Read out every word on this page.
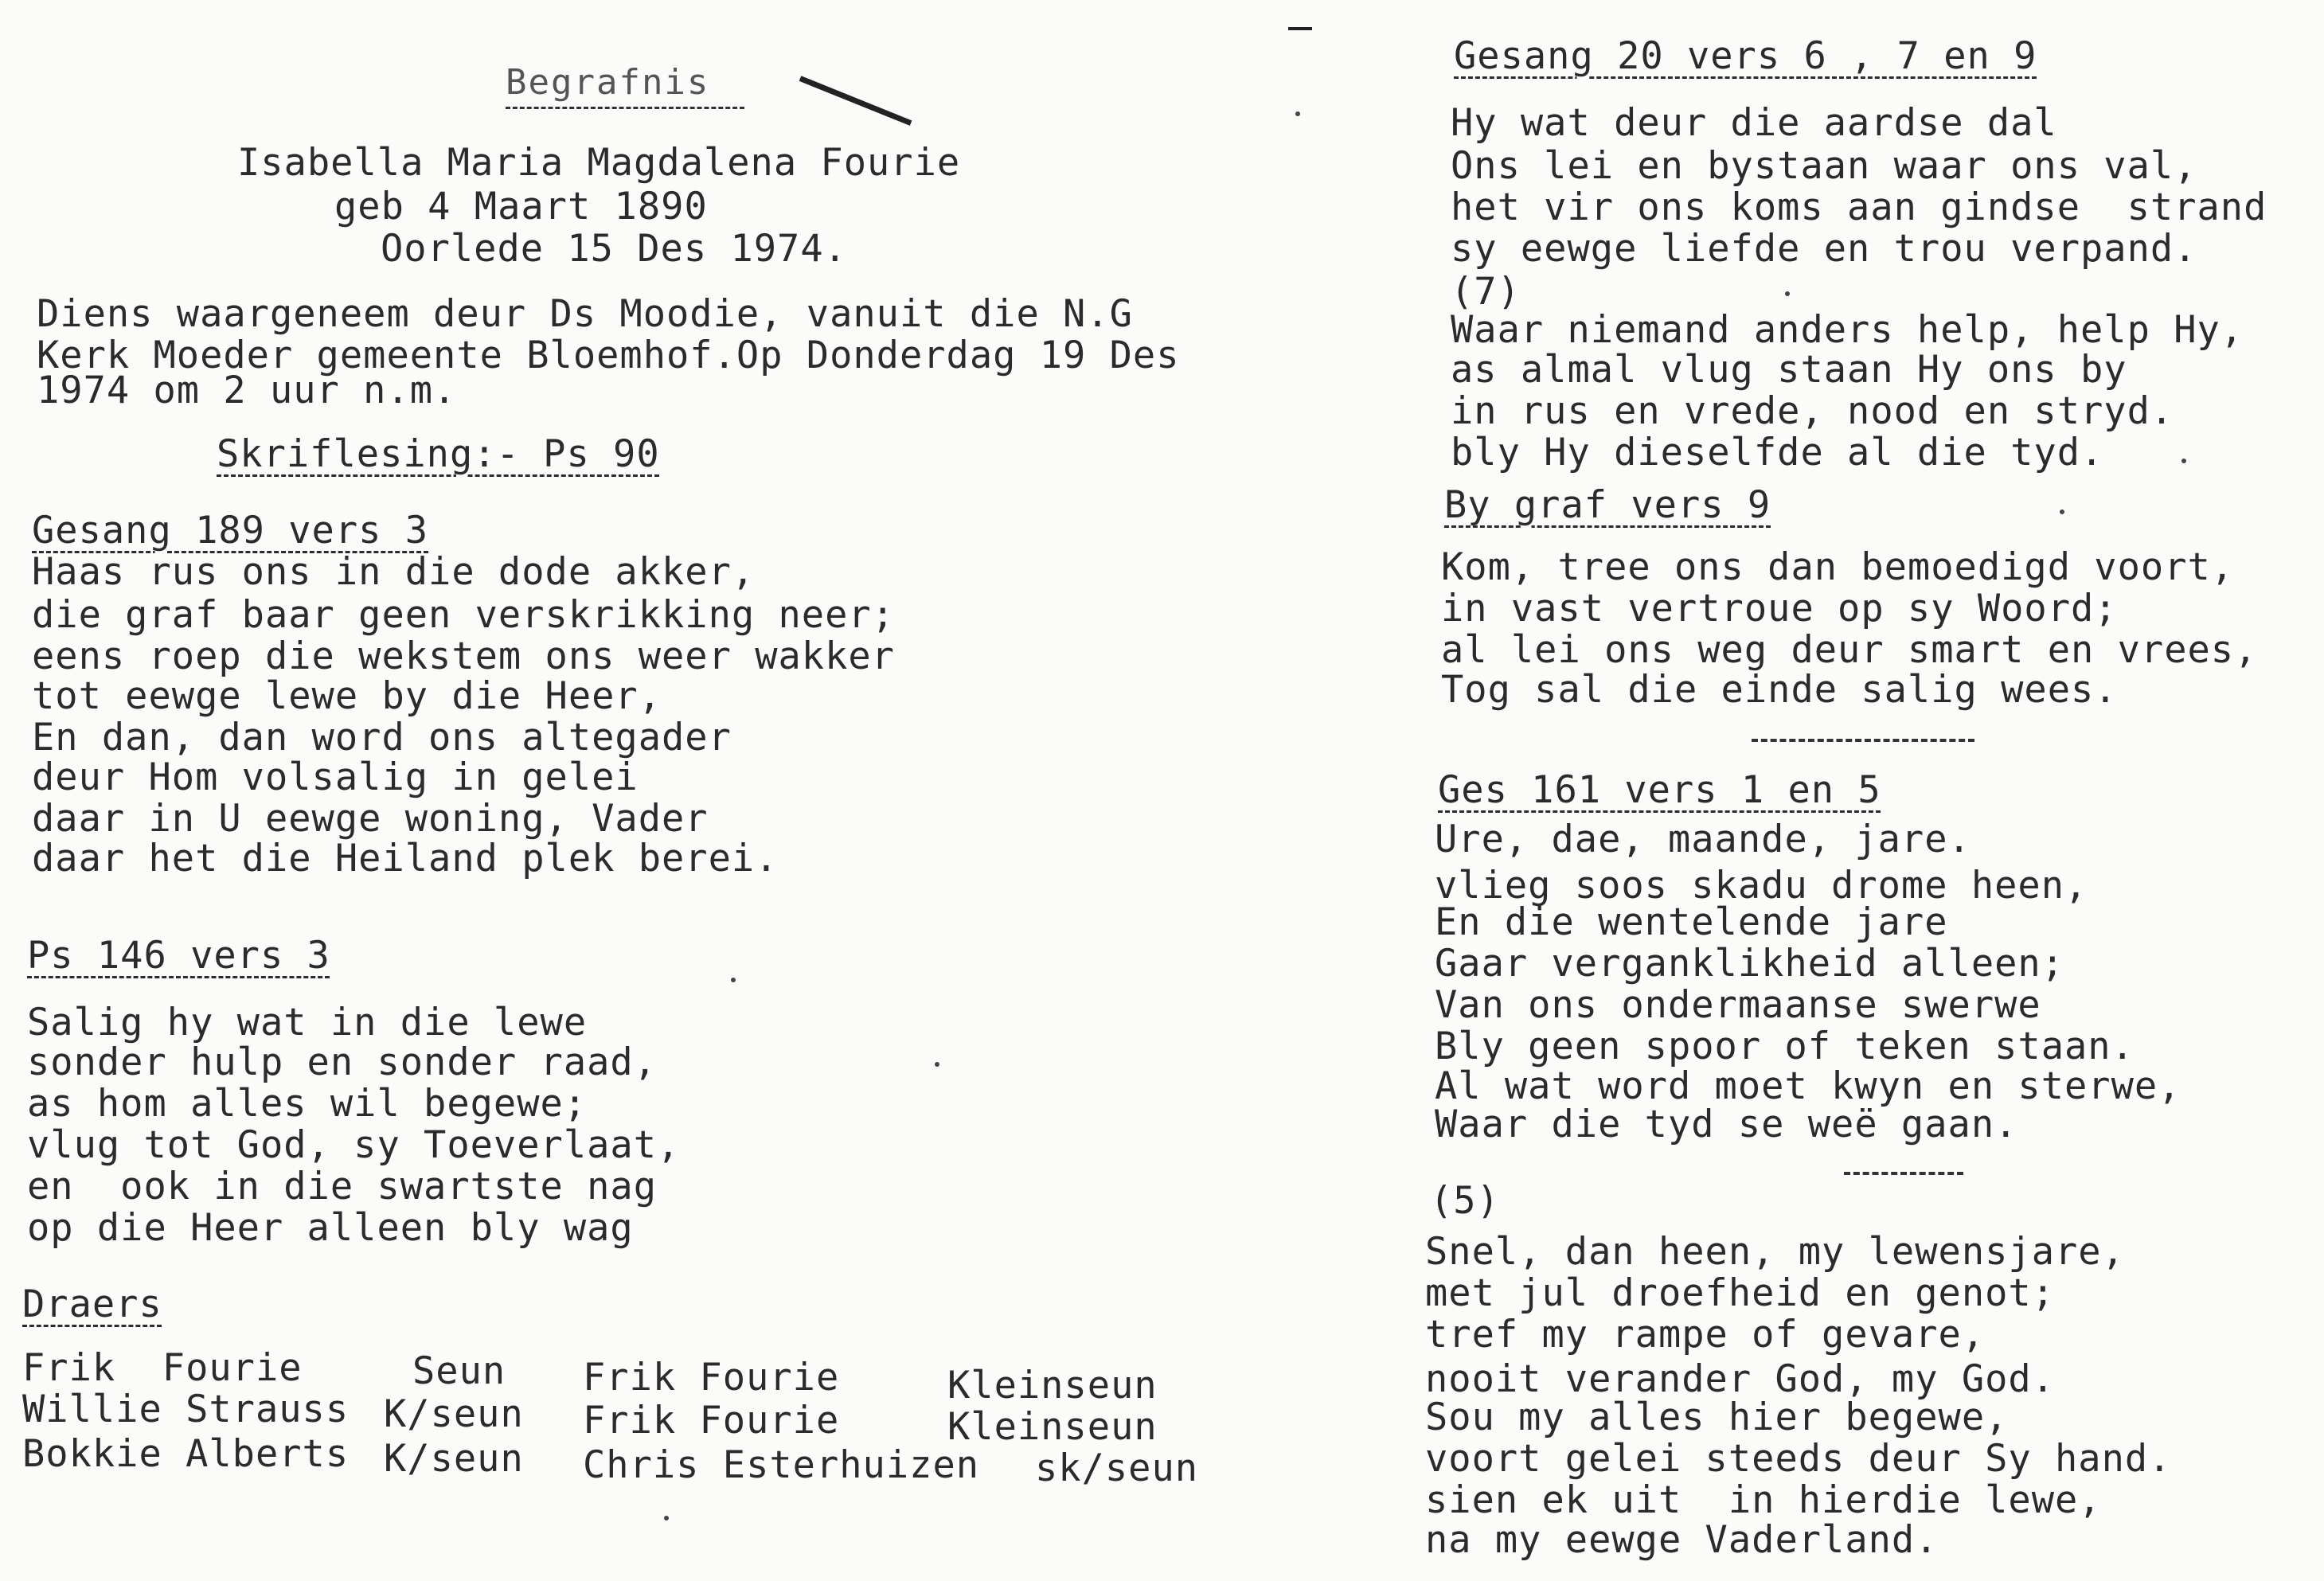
Begrafnis
Isabella Maria Magdalena Fourie
geb 4 Maart 1890
Oorlede 15 Des 1974.
Diens waargeneem deur Ds Moodie, vanuit die N.G
Kerk Moeder gemeente Bloemhof.Op Donderdag 19 Des
1974 om 2 uur n.m.
Skriflesing:- Ps 90
Gesang 189 vers 3
Haas rus ons in die dode akker,
die graf baar geen verskrikking neer;
eens roep die wekstem ons weer wakker
tot eewge lewe by die Heer,
En dan, dan word ons altegader
deur Hom volsalig in gelei
daar in U eewge woning, Vader
daar het die Heiland plek berei.
Ps 146 vers 3
Salig hy wat in die lewe
sonder hulp en sonder raad,
as hom alles wil begewe;
vlug tot God, sy Toeverlaat,
en  ook in die swartste nag
op die Heer alleen bly wag
Draers
Frik  Fourie	Seun Frik Fourie	Kleinseun
Willie Strauss K/seun Frik Fourie	Kleinseun
Bokkie Alberts K/seun Chris Esterhuizen sk/seun
Gesang 20 vers 6 , 7 en 9
Hy wat deur die aardse dal
Ons lei en bystaan waar ons val,
het vir ons koms aan gindse  strand
sy eewge liefde en trou verpand.
(7)
Waar niemand anders help, help Hy,
as almal vlug staan Hy ons by
in rus en vrede, nood en stryd.
bly Hy dieselfde al die tyd.
By graf vers 9
Kom, tree ons dan bemoedigd voort,
in vast vertroue op sy Woord;
al lei ons weg deur smart en vrees,
Tog sal die einde salig wees.
Ges 161 vers 1 en 5
Ure, dae, maande, jare.
vlieg soos skadu drome heen,
En die wentelende jare
Gaar verganklikheid alleen;
Van ons ondermaanse swerwe
Bly geen spoor of teken staan.
Al wat word moet kwyn en sterwe,
Waar die tyd se weë gaan.
(5)
Snel, dan heen, my lewensjare,
met jul droefheid en genot;
tref my rampe of gevare,
nooit verander God, my God.
Sou my alles hier begewe,
voort gelei steeds deur Sy hand.
sien ek uit  in hierdie lewe,
na my eewge Vaderland.
